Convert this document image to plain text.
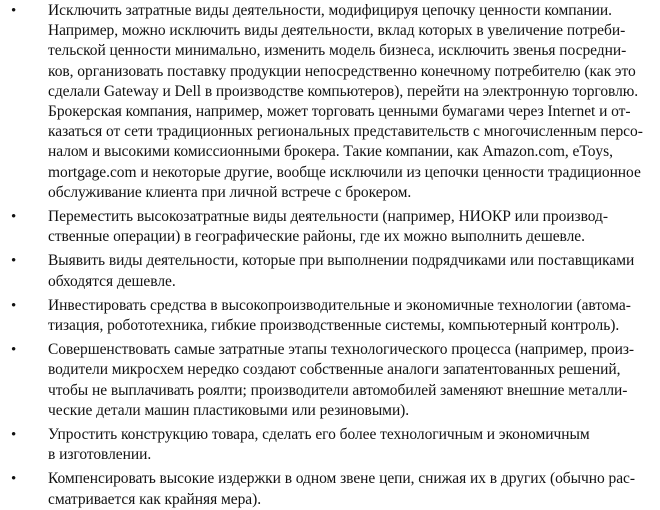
• Исключить затратные виды деятельности, модифицируя цепочку ценности компании.
Например, можно исключить виды деятельности, вклад которых в увеличение потреби-
тельской ценности минимально, изменить модель бизнеса, исключить звенья посредни-
ков, организовать поставку продукции непосредственно конечному потребителю (как это
сделали Gateway и Dell в производстве компьютеров), перейти на электронную торговлю.
Брокерская компания, например, может торговать ценными бумагами через Internet и от-
казаться от сети традиционных региональных представительств с многочисленным персо-
налом и высокими комиссионными брокера. Такие компании, как Amazon.com, eToys,
mortgage.com и некоторые другие, вообще исключили из цепочки ценности традиционное
обслуживание клиента при личной встрече с брокером.
• Переместить высокозатратные виды деятельности (например, НИОКР или производ-
ственные операции) в географические районы, где их можно выполнить дешевле.
• Выявить виды деятельности, которые при выполнении подрядчиками или поставщиками
обходятся дешевле.
• Инвестировать средства в высокопроизводительные и экономичные технологии (автома-
тизация, робототехника, гибкие производственные системы, компьютерный контроль).
• Совершенствовать самые затратные этапы технологического процесса (например, произ-
водители микросхем нередко создают собственные аналоги запатентованных решений,
чтобы не выплачивать роялти; производители автомобилей заменяют внешние металли-
ческие детали машин пластиковыми или резиновыми).
• Упростить конструкцию товара, сделать его более технологичным и экономичным
в изготовлении.
• Компенсировать высокие издержки в одном звене цепи, снижая их в других (обычно рас-
сматривается как крайняя мера).
